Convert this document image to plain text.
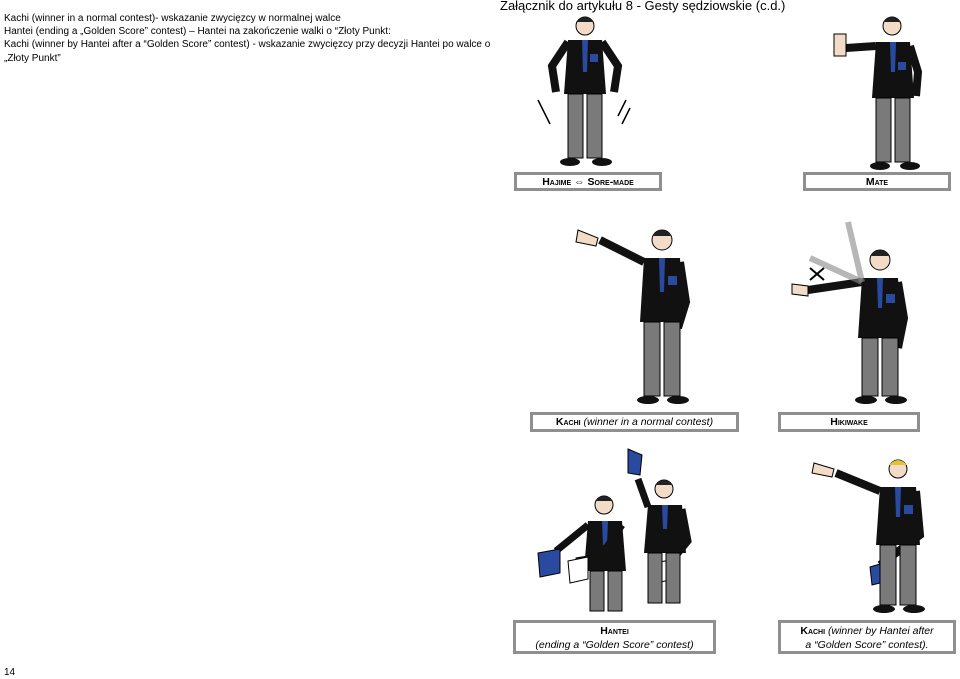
Załącznik do artykułu 8 - Gesty sędziowskie (c.d.)
Kachi (winner in a normal contest)- wskazanie zwycięzcy w normalnej walce
Hantei (ending a „Golden Score” contest) – Hantei na zakończenie walki o “Złoty Punkt:
Kachi (winner by Hantei after a “Golden Score” contest) - wskazanie zwycięzcy przy decyzji Hantei po walce o
„Złoty Punkt”
14
Hajime ⇔ Sore-made	Mate
Kachi (winner in a normal contest)	Hikiwake
Hantei
(ending a “Golden Score” contest)
Kachi (winner by Hantei after
a “Golden Score” contest).
